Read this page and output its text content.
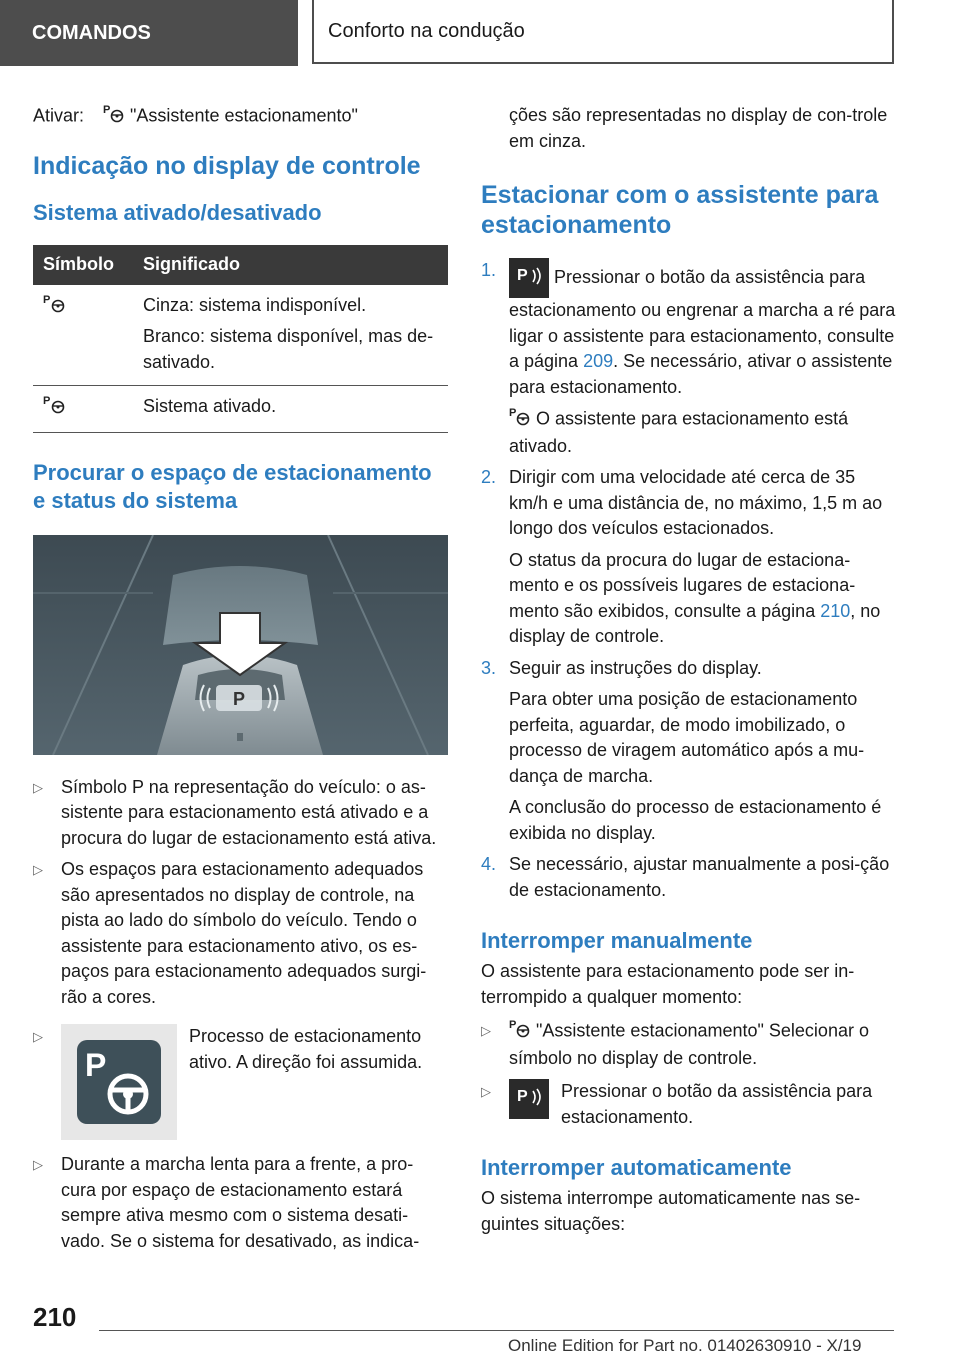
COMANDOS	Conforto na condução

Ativar: P "Assistente estacionamento"

Indicação no display de controle
Sistema ativado/desativado
Símbolo	Significado

P	Cinza: sistema indisponível.
Branco: sistema disponível, mas de-sativado.

P	Sistema ativado.
Procurar o espaço de estacionamento e status do sistema
P
▷	Símbolo P na representação do veículo: o as-sistente para estacionamento está ativado e a procura do lugar de estacionamento está ativa.

▷	Os espaços para estacionamento adequados são apresentados no display de controle, na pista ao lado do símbolo do veículo. Tendo o assistente para estacionamento ativo, os es-paços para estacionamento adequados surgi-rão a cores.

▷
P

Processo de estacionamento ativo. A direção foi assumida.

▷	Durante a marcha lenta para a frente, a pro-cura por espaço de estacionamento estará sempre ativa mesmo com o sistema desati-vado. Se o sistema for desativado, as indica-

ções são representadas no display de con-trole em cinza.

Estacionar com o assistente para estacionamento
1.	P Pressionar o botão da assistência para estacionamento ou engrenar a marcha a ré para ligar o assistente para estacionamento, consulte a página 209. Se necessário, ativar o assistente para estacionamento.

P O assistente para estacionamento está ativado.

2. Dirigir com uma velocidade até cerca de 35 km/h e uma distância de, no máximo, 1,5 m ao longo dos veículos estacionados.

O status da procura do lugar de estaciona-mento e os possíveis lugares de estaciona-mento são exibidos, consulte a página 210, no display de controle.

3. Seguir as instruções do display.

Para obter uma posição de estacionamento perfeita, aguardar, de modo imobilizado, o processo de viragem automático após a mu-dança de marcha.

A conclusão do processo de estacionamento é exibida no display.

4. Se necessário, ajustar manualmente a posi-ção de estacionamento.

Interromper manualmente

O assistente para estacionamento pode ser in-terrompido a qualquer momento:

▷	P "Assistente estacionamento" Selecionar o símbolo no display de controle.

▷	P Pressionar o botão da assistência para estacionamento.

Interromper automaticamente

O sistema interrompe automaticamente nas se-guintes situações:

210
Online Edition for Part no. 01402630910 - X/19
